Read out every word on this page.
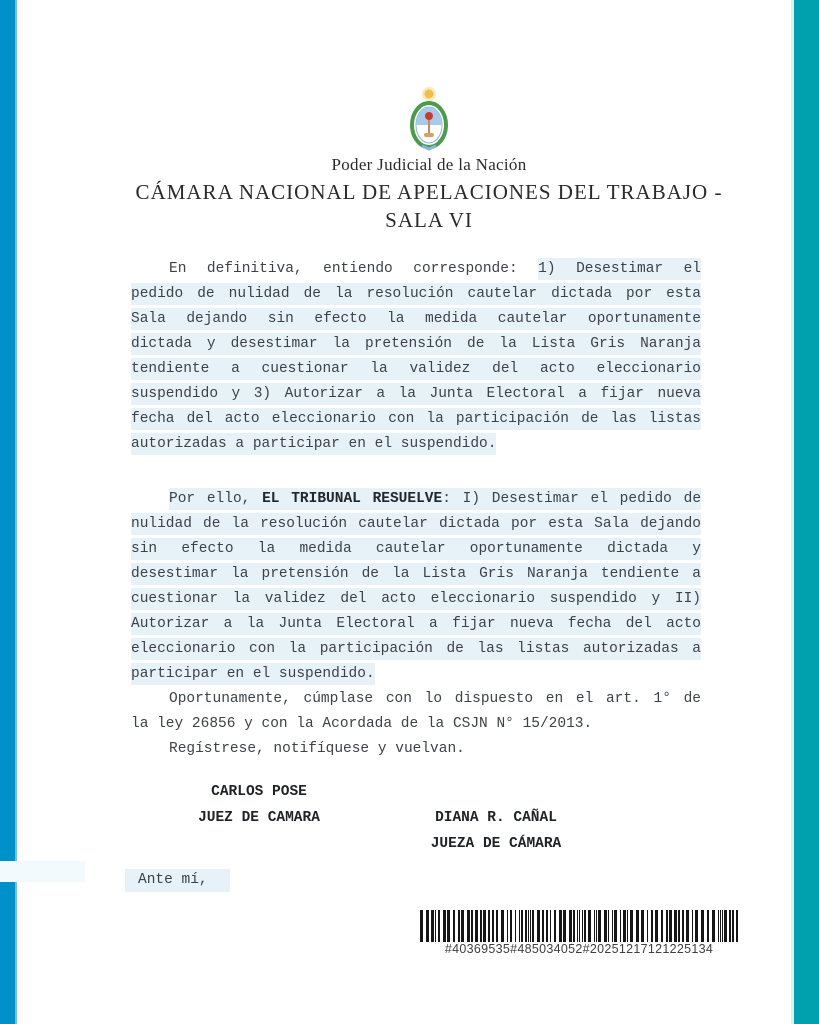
Poder Judicial de la Nación
CÁMARA NACIONAL DE APELACIONES DEL TRABAJO -
SALA VI
En definitiva, entiendo corresponde: 1) Desestimar el
pedido de nulidad de la resolución cautelar dictada por esta
Sala dejando sin efecto la medida cautelar oportunamente
dictada y desestimar la pretensión de la Lista Gris Naranja
tendiente a cuestionar la validez del acto eleccionario
suspendido y 3) Autorizar a la Junta Electoral a fijar nueva
fecha del acto eleccionario con la participación de las listas
autorizadas a participar en el suspendido.
Por ello, EL TRIBUNAL RESUELVE: I) Desestimar el pedido de
nulidad de la resolución cautelar dictada por esta Sala dejando
sin efecto la medida cautelar oportunamente dictada y
desestimar la pretensión de la Lista Gris Naranja tendiente a
cuestionar la validez del acto eleccionario suspendido y II)
Autorizar a la Junta Electoral a fijar nueva fecha del acto
eleccionario con la participación de las listas autorizadas a
participar en el suspendido.
Oportunamente, cúmplase con lo dispuesto en el art. 1° de
la ley 26856 y con la Acordada de la CSJN N° 15/2013.
Regístrese, notifíquese y vuelvan.
CARLOS POSE
JUEZ DE CAMARA	DIANA R. CAÑAL
JUEZA DE CÁMARA
Ante mí,
#40369535#485034052#20251217121225134
